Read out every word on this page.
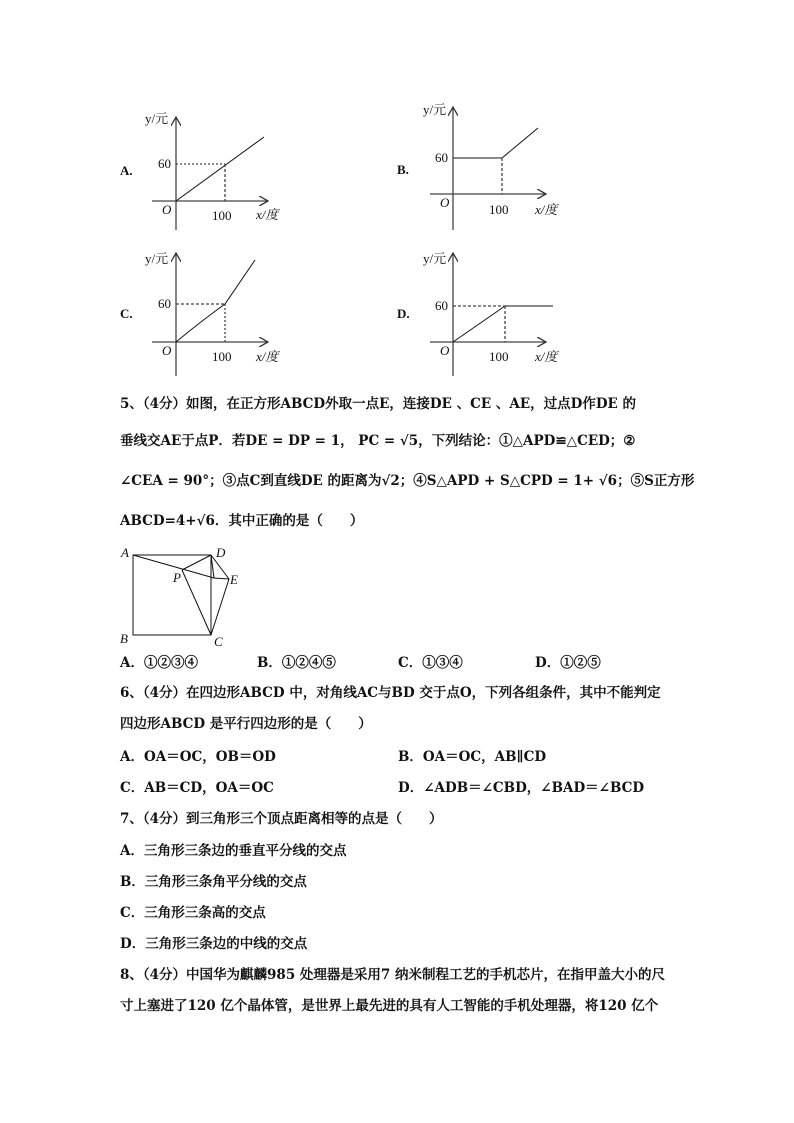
A.
y/元
60
O	100 x/度
B.
y/元
60
O	100 x/度
C.
y/元
60
O	100 x/度
D.
y/元
60
O	100 x/度
A	D
B	C
P	E
5、（4分）如图，在正方形ABCD外取一点E，连接DE 、CE 、AE，过点D作DE 的
垂线交AE于点P．若DE = DP = 1， PC = √5，下列结论：①△APD≌△CED；②
∠CEA = 90°；③点C到直线DE 的距离为√2；④S△APD + S△CPD = 1+ √6；⑤S正方形
ABCD=4+√6．其中正确的是（　　）
A．①②③④	B．①②④⑤	C．①③④	D．①②⑤
6、（4分）在四边形ABCD 中，对角线AC与BD 交于点O，下列各组条件，其中不能判定
四边形ABCD 是平行四边形的是（　　）
A．OA＝OC，OB＝OD	B．OA＝OC，AB∥CD
C．AB＝CD，OA＝OC	D．∠ADB＝∠CBD，∠BAD＝∠BCD
7、（4分）到三角形三个顶点距离相等的点是（　　）
A．三角形三条边的垂直平分线的交点
B．三角形三条角平分线的交点
C．三角形三条高的交点
D．三角形三条边的中线的交点
8、（4分）中国华为麒麟985 处理器是采用7 纳米制程工艺的手机芯片，在指甲盖大小的尺
寸上塞进了120 亿个晶体管，是世界上最先进的具有人工智能的手机处理器，将120 亿个
